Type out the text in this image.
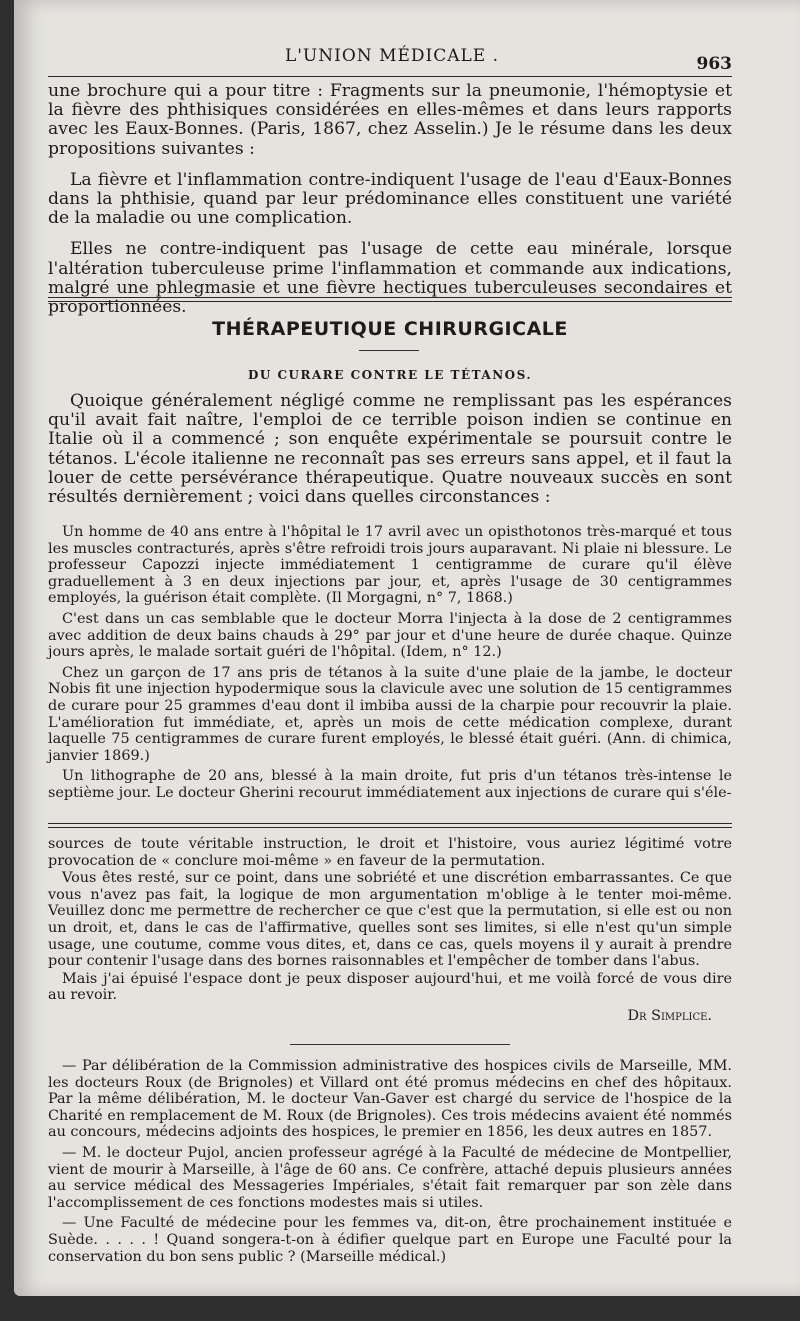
L'UNION MÉDICALE .	963

une brochure qui a pour titre : Fragments sur la pneumonie, l'hémoptysie et la fièvre des phthisiques considérées en elles-mêmes et dans leurs rapports avec les Eaux-Bonnes. (Paris, 1867, chez Asselin.) Je le résume dans les deux propositions suivantes :

La fièvre et l'inflammation contre-indiquent l'usage de l'eau d'Eaux-Bonnes dans la phthisie, quand par leur prédominance elles constituent une variété de la maladie ou une complication.

Elles ne contre-indiquent pas l'usage de cette eau minérale, lorsque l'altération tuberculeuse prime l'inflammation et commande aux indications, malgré une phlegmasie et une fièvre hectiques tuberculeuses secondaires et proportionnées.

THÉRAPEUTIQUE CHIRURGICALE
DU CURARE CONTRE LE TÉTANOS.

Quoique généralement négligé comme ne remplissant pas les espérances qu'il avait fait naître, l'emploi de ce terrible poison indien se continue en Italie où il a commencé ; son enquête expérimentale se poursuit contre le tétanos. L'école italienne ne reconnaît pas ses erreurs sans appel, et il faut la louer de cette persévérance thérapeutique. Quatre nouveaux succès en sont résultés dernièrement ; voici dans quelles circonstances :

Un homme de 40 ans entre à l'hôpital le 17 avril avec un opisthotonos très-marqué et tous les muscles contracturés, après s'être refroidi trois jours auparavant. Ni plaie ni blessure. Le professeur Capozzi injecte immédiatement 1 centigramme de curare qu'il élève graduellement à 3 en deux injections par jour, et, après l'usage de 30 centigrammes employés, la guérison était complète. (Il Morgagni, n° 7, 1868.)

C'est dans un cas semblable que le docteur Morra l'injecta à la dose de 2 centigrammes avec addition de deux bains chauds à 29° par jour et d'une heure de durée chaque. Quinze jours après, le malade sortait guéri de l'hôpital. (Idem, n° 12.)

Chez un garçon de 17 ans pris de tétanos à la suite d'une plaie de la jambe, le docteur Nobis fit une injection hypodermique sous la clavicule avec une solution de 15 centigrammes de curare pour 25 grammes d'eau dont il imbiba aussi de la charpie pour recouvrir la plaie. L'amélioration fut immédiate, et, après un mois de cette médication complexe, durant laquelle 75 centigrammes de curare furent employés, le blessé était guéri. (Ann. di chimica, janvier 1869.)

Un lithographe de 20 ans, blessé à la main droite, fut pris d'un tétanos très-intense le septième jour. Le docteur Gherini recourut immédiatement aux injections de curare qui s'éle-

sources de toute véritable instruction, le droit et l'histoire, vous auriez légitimé votre provocation de « conclure moi-même » en faveur de la permutation.

Vous êtes resté, sur ce point, dans une sobriété et une discrétion embarrassantes. Ce que vous n'avez pas fait, la logique de mon argumentation m'oblige à le tenter moi-même. Veuillez donc me permettre de rechercher ce que c'est que la permutation, si elle est ou non un droit, et, dans le cas de l'affirmative, quelles sont ses limites, si elle n'est qu'un simple usage, une coutume, comme vous dites, et, dans ce cas, quels moyens il y aurait à prendre pour contenir l'usage dans des bornes raisonnables et l'empêcher de tomber dans l'abus.

Mais j'ai épuisé l'espace dont je peux disposer aujourd'hui, et me voilà forcé de vous dire au revoir.

Dr Simplice.

— Par délibération de la Commission administrative des hospices civils de Marseille, MM. les docteurs Roux (de Brignoles) et Villard ont été promus médecins en chef des hôpitaux. Par la même délibération, M. le docteur Van-Gaver est chargé du service de l'hospice de la Charité en remplacement de M. Roux (de Brignoles). Ces trois médecins avaient été nommés au concours, médecins adjoints des hospices, le premier en 1856, les deux autres en 1857.

— M. le docteur Pujol, ancien professeur agrégé à la Faculté de médecine de Montpellier, vient de mourir à Marseille, à l'âge de 60 ans. Ce confrère, attaché depuis plusieurs années au service médical des Messageries Impériales, s'était fait remarquer par son zèle dans l'accomplissement de ces fonctions modestes mais si utiles.

— Une Faculté de médecine pour les femmes va, dit-on, être prochainement instituée e Suède. . . . . ! Quand songera-t-on à édifier quelque part en Europe une Faculté pour la conservation du bon sens public ? (Marseille médical.)
